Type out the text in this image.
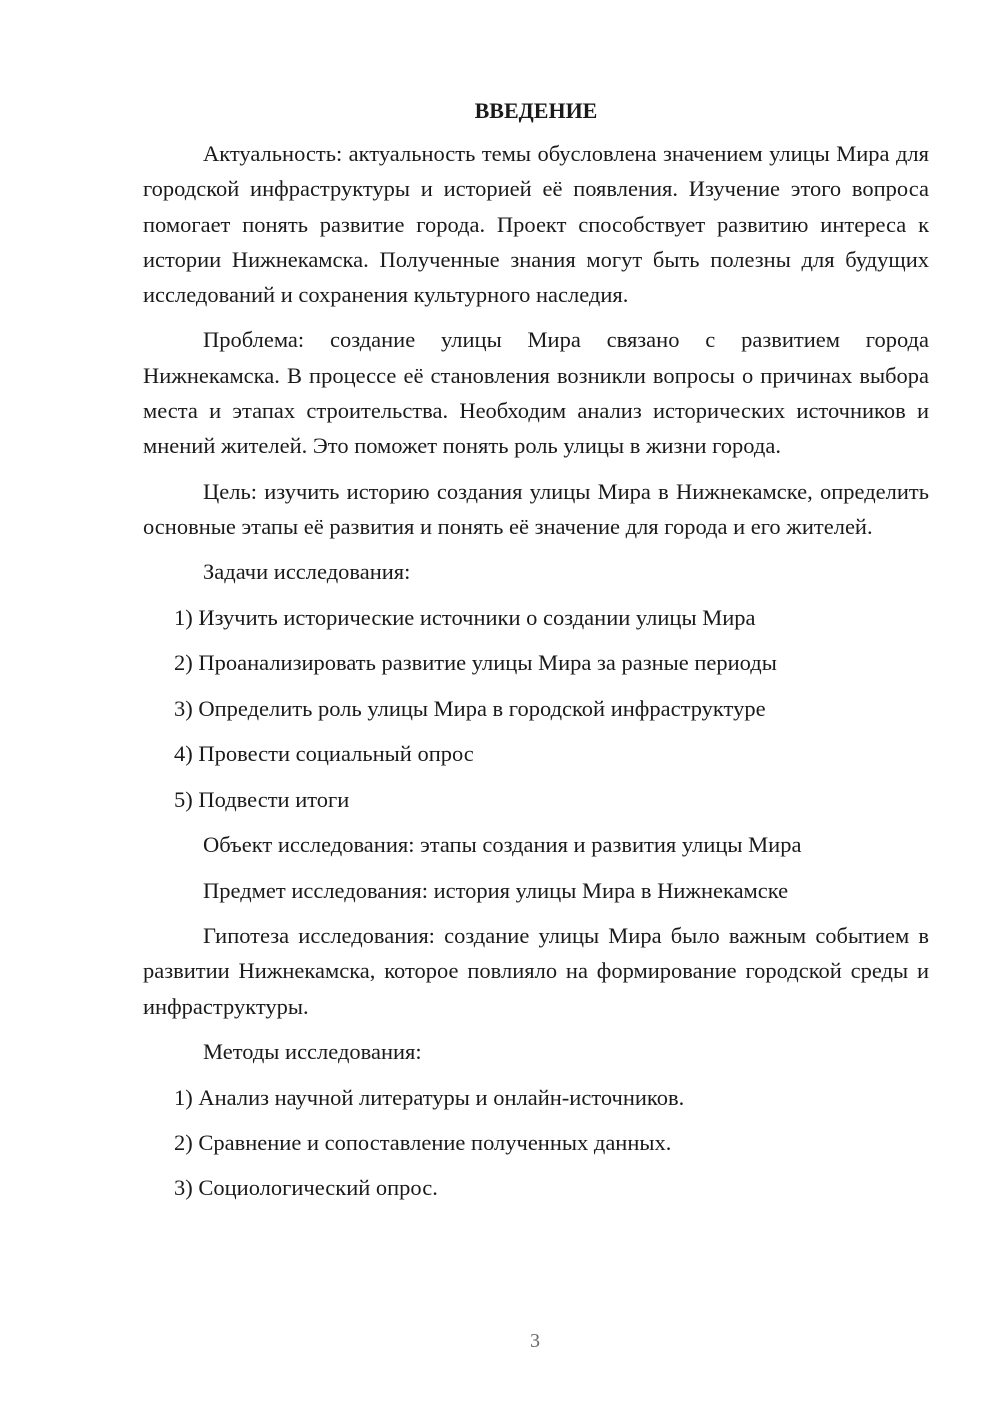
ВВЕДЕНИЕ

Актуальность: актуальность темы обусловлена значением улицы Мира для городской инфраструктуры и историей её появления. Изучение этого вопроса помогает понять развитие города. Проект способствует развитию интереса к истории Нижнекамска. Полученные знания могут быть полезны для будущих исследований и сохранения культурного наследия.

Проблема: создание улицы Мира связано с развитием города Нижнекамска. В процессе её становления возникли вопросы о причинах выбора места и этапах строительства. Необходим анализ исторических источников и мнений жителей. Это поможет понять роль улицы в жизни города.

Цель: изучить историю создания улицы Мира в Нижнекамске, определить основные этапы её развития и понять её значение для города и его жителей.

Задачи исследования:
1) Изучить исторические источники о создании улицы Мира
2) Проанализировать развитие улицы Мира за разные периоды
3) Определить роль улицы Мира в городской инфраструктуре
4) Провести социальный опрос
5) Подвести итоги
Объект исследования: этапы создания и развития улицы Мира
Предмет исследования: история улицы Мира в Нижнекамске

Гипотеза исследования: создание улицы Мира было важным событием в развитии Нижнекамска, которое повлияло на формирование городской среды и инфраструктуры.

Методы исследования:
1) Анализ научной литературы и онлайн-источников.
2) Сравнение и сопоставление полученных данных.
3) Социологический опрос.
3
